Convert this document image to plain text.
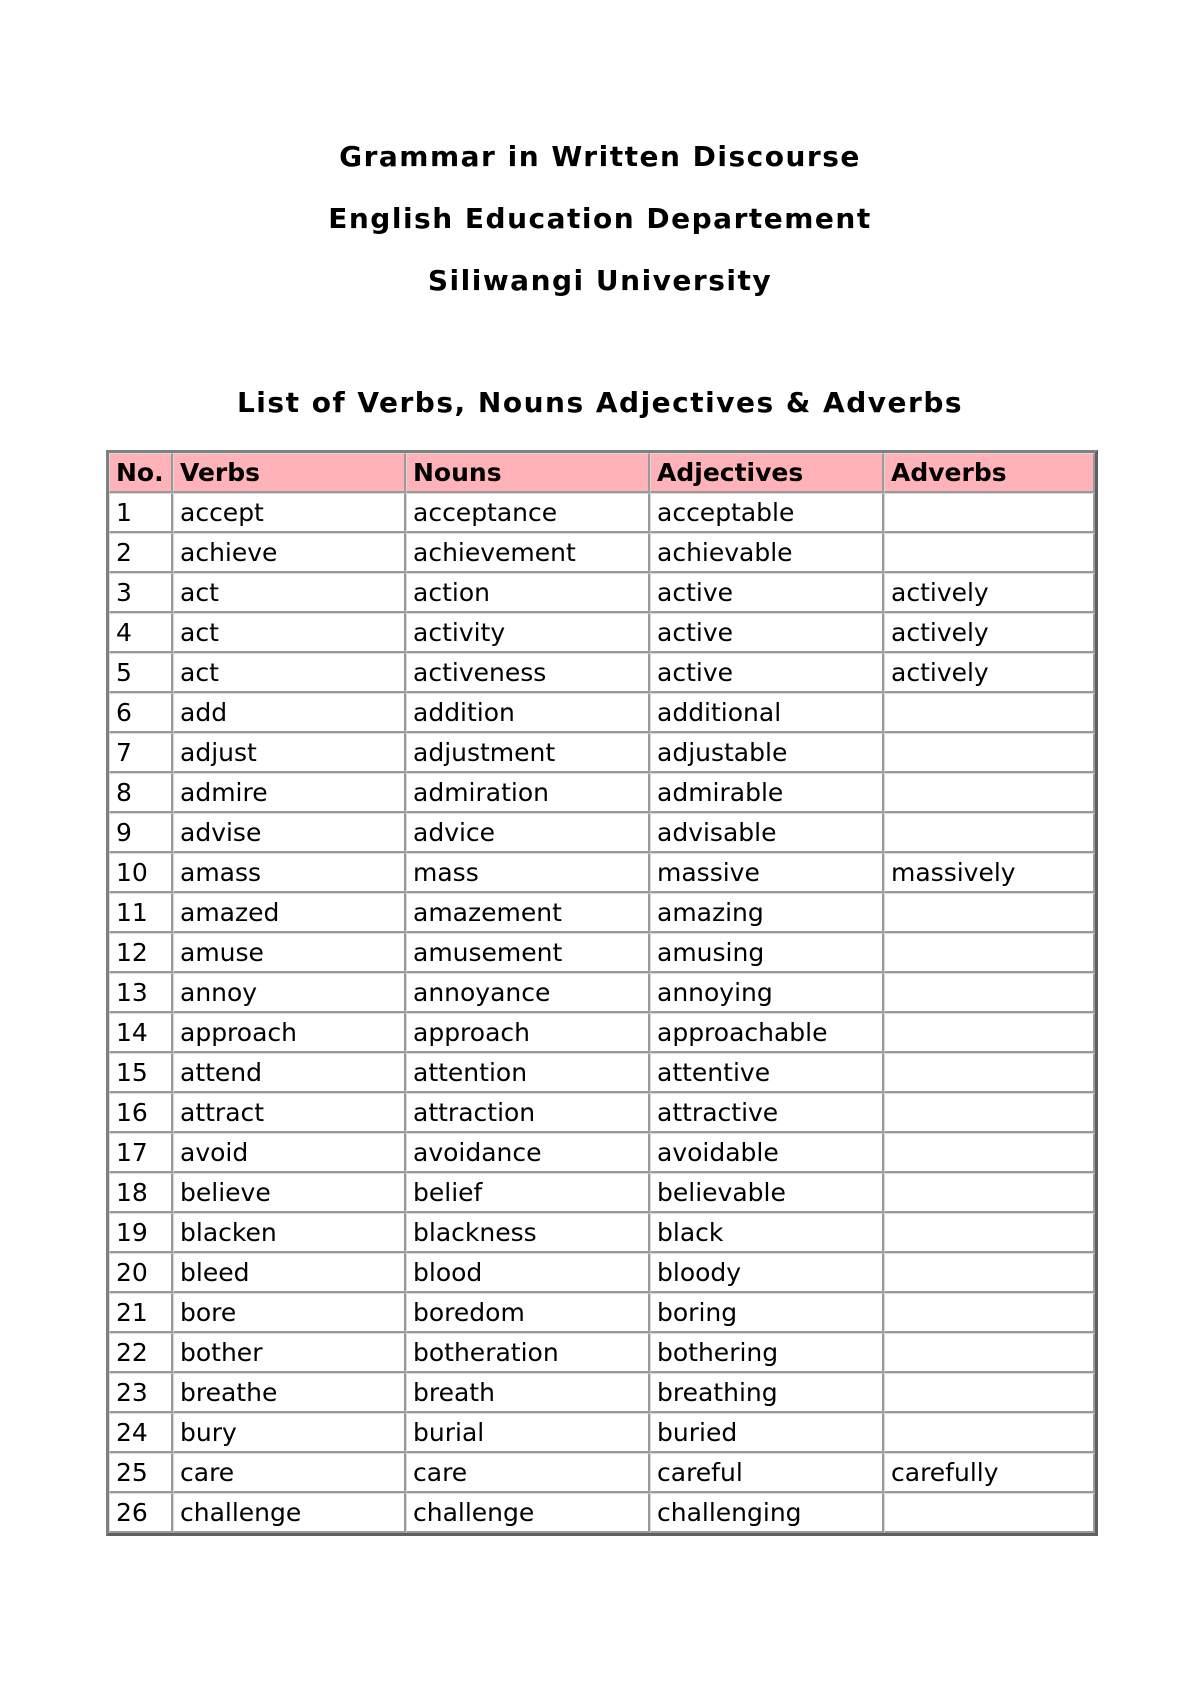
Grammar in Written Discourse
English Education Departement
Siliwangi University
List of Verbs, Nouns Adjectives & Adverbs
No.	Verbs	Nouns	Adjectives	Adverbs
1	accept	acceptance	acceptable	
2	achieve	achievement	achievable	
3	act	action	active	actively
4	act	activity	active	actively
5	act	activeness	active	actively
6	add	addition	additional	
7	adjust	adjustment	adjustable	
8	admire	admiration	admirable	
9	advise	advice	advisable	
10	amass	mass	massive	massively
11	amazed	amazement	amazing	
12	amuse	amusement	amusing	
13	annoy	annoyance	annoying	
14	approach	approach	approachable	
15	attend	attention	attentive	
16	attract	attraction	attractive	
17	avoid	avoidance	avoidable	
18	believe	belief	believable	
19	blacken	blackness	black	
20	bleed	blood	bloody	
21	bore	boredom	boring	
22	bother	botheration	bothering	
23	breathe	breath	breathing	
24	bury	burial	buried	
25	care	care	careful	carefully
26	challenge	challenge	challenging	
